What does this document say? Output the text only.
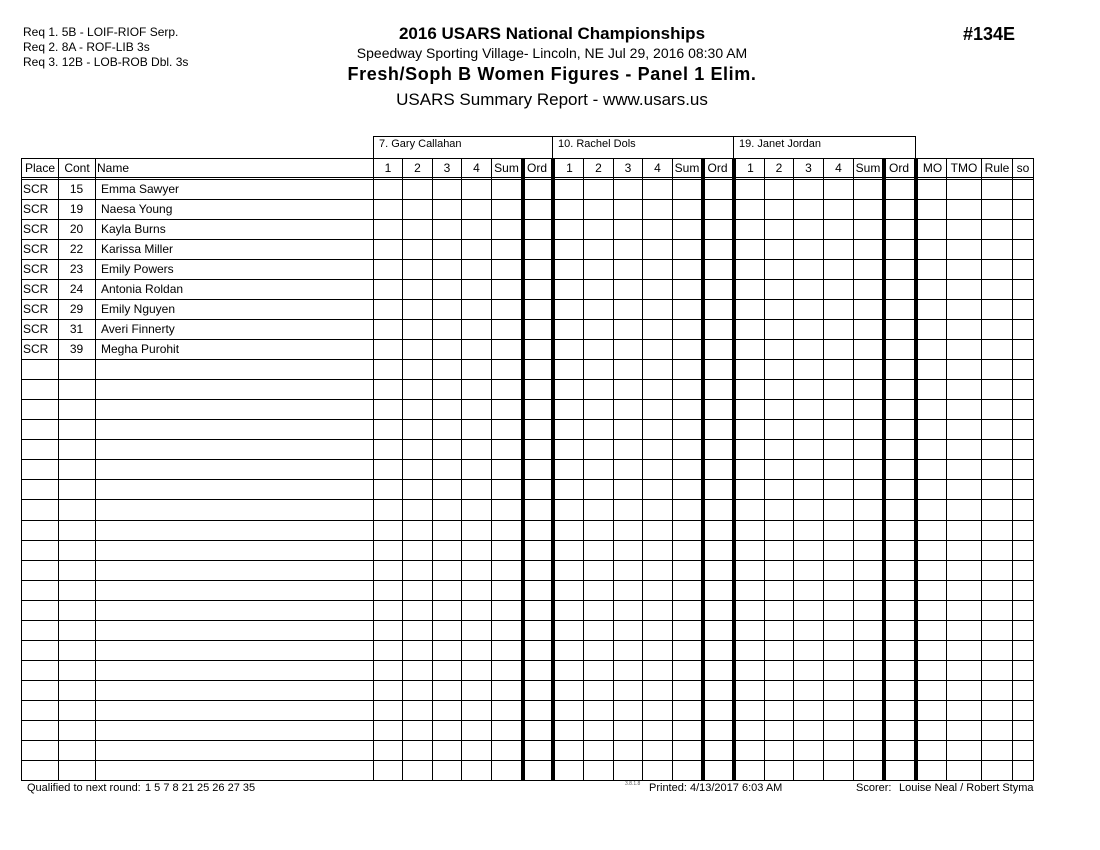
Req 1. 5B - LOIF-RIOF Serp.
Req 2. 8A - ROF-LIB 3s
Req 3. 12B - LOB-ROB Dbl. 3s
2016 USARS National Championships
Speedway Sporting Village- Lincoln, NE Jul 29, 2016 08:30 AM
Fresh/Soph B Women Figures - Panel 1 Elim.
USARS Summary Report - www.usars.us
#134E
7. Gary Callahan	10. Rachel Dols	19. Janet Jordan
Place Cont Name	1	2	3	4	Sum Ord	1	2	3	4	Sum Ord	1	2	3	4	Sum Ord	MO TMO Rule so
SCR	15	Emma Sawyer
SCR	19	Naesa Young
SCR	20	Kayla Burns
SCR	22	Karissa Miller
SCR	23	Emily Powers
SCR	24	Antonia Roldan
SCR	29	Emily Nguyen
SCR	31	Averi Finnerty
SCR	39	Megha Purohit
Qualified to next round: 1 5 7 8 21 25 26 27 35	3.8.1.8 Printed: 4/13/2017 6:03 AM	Scorer: Louise Neal / Robert Styma
